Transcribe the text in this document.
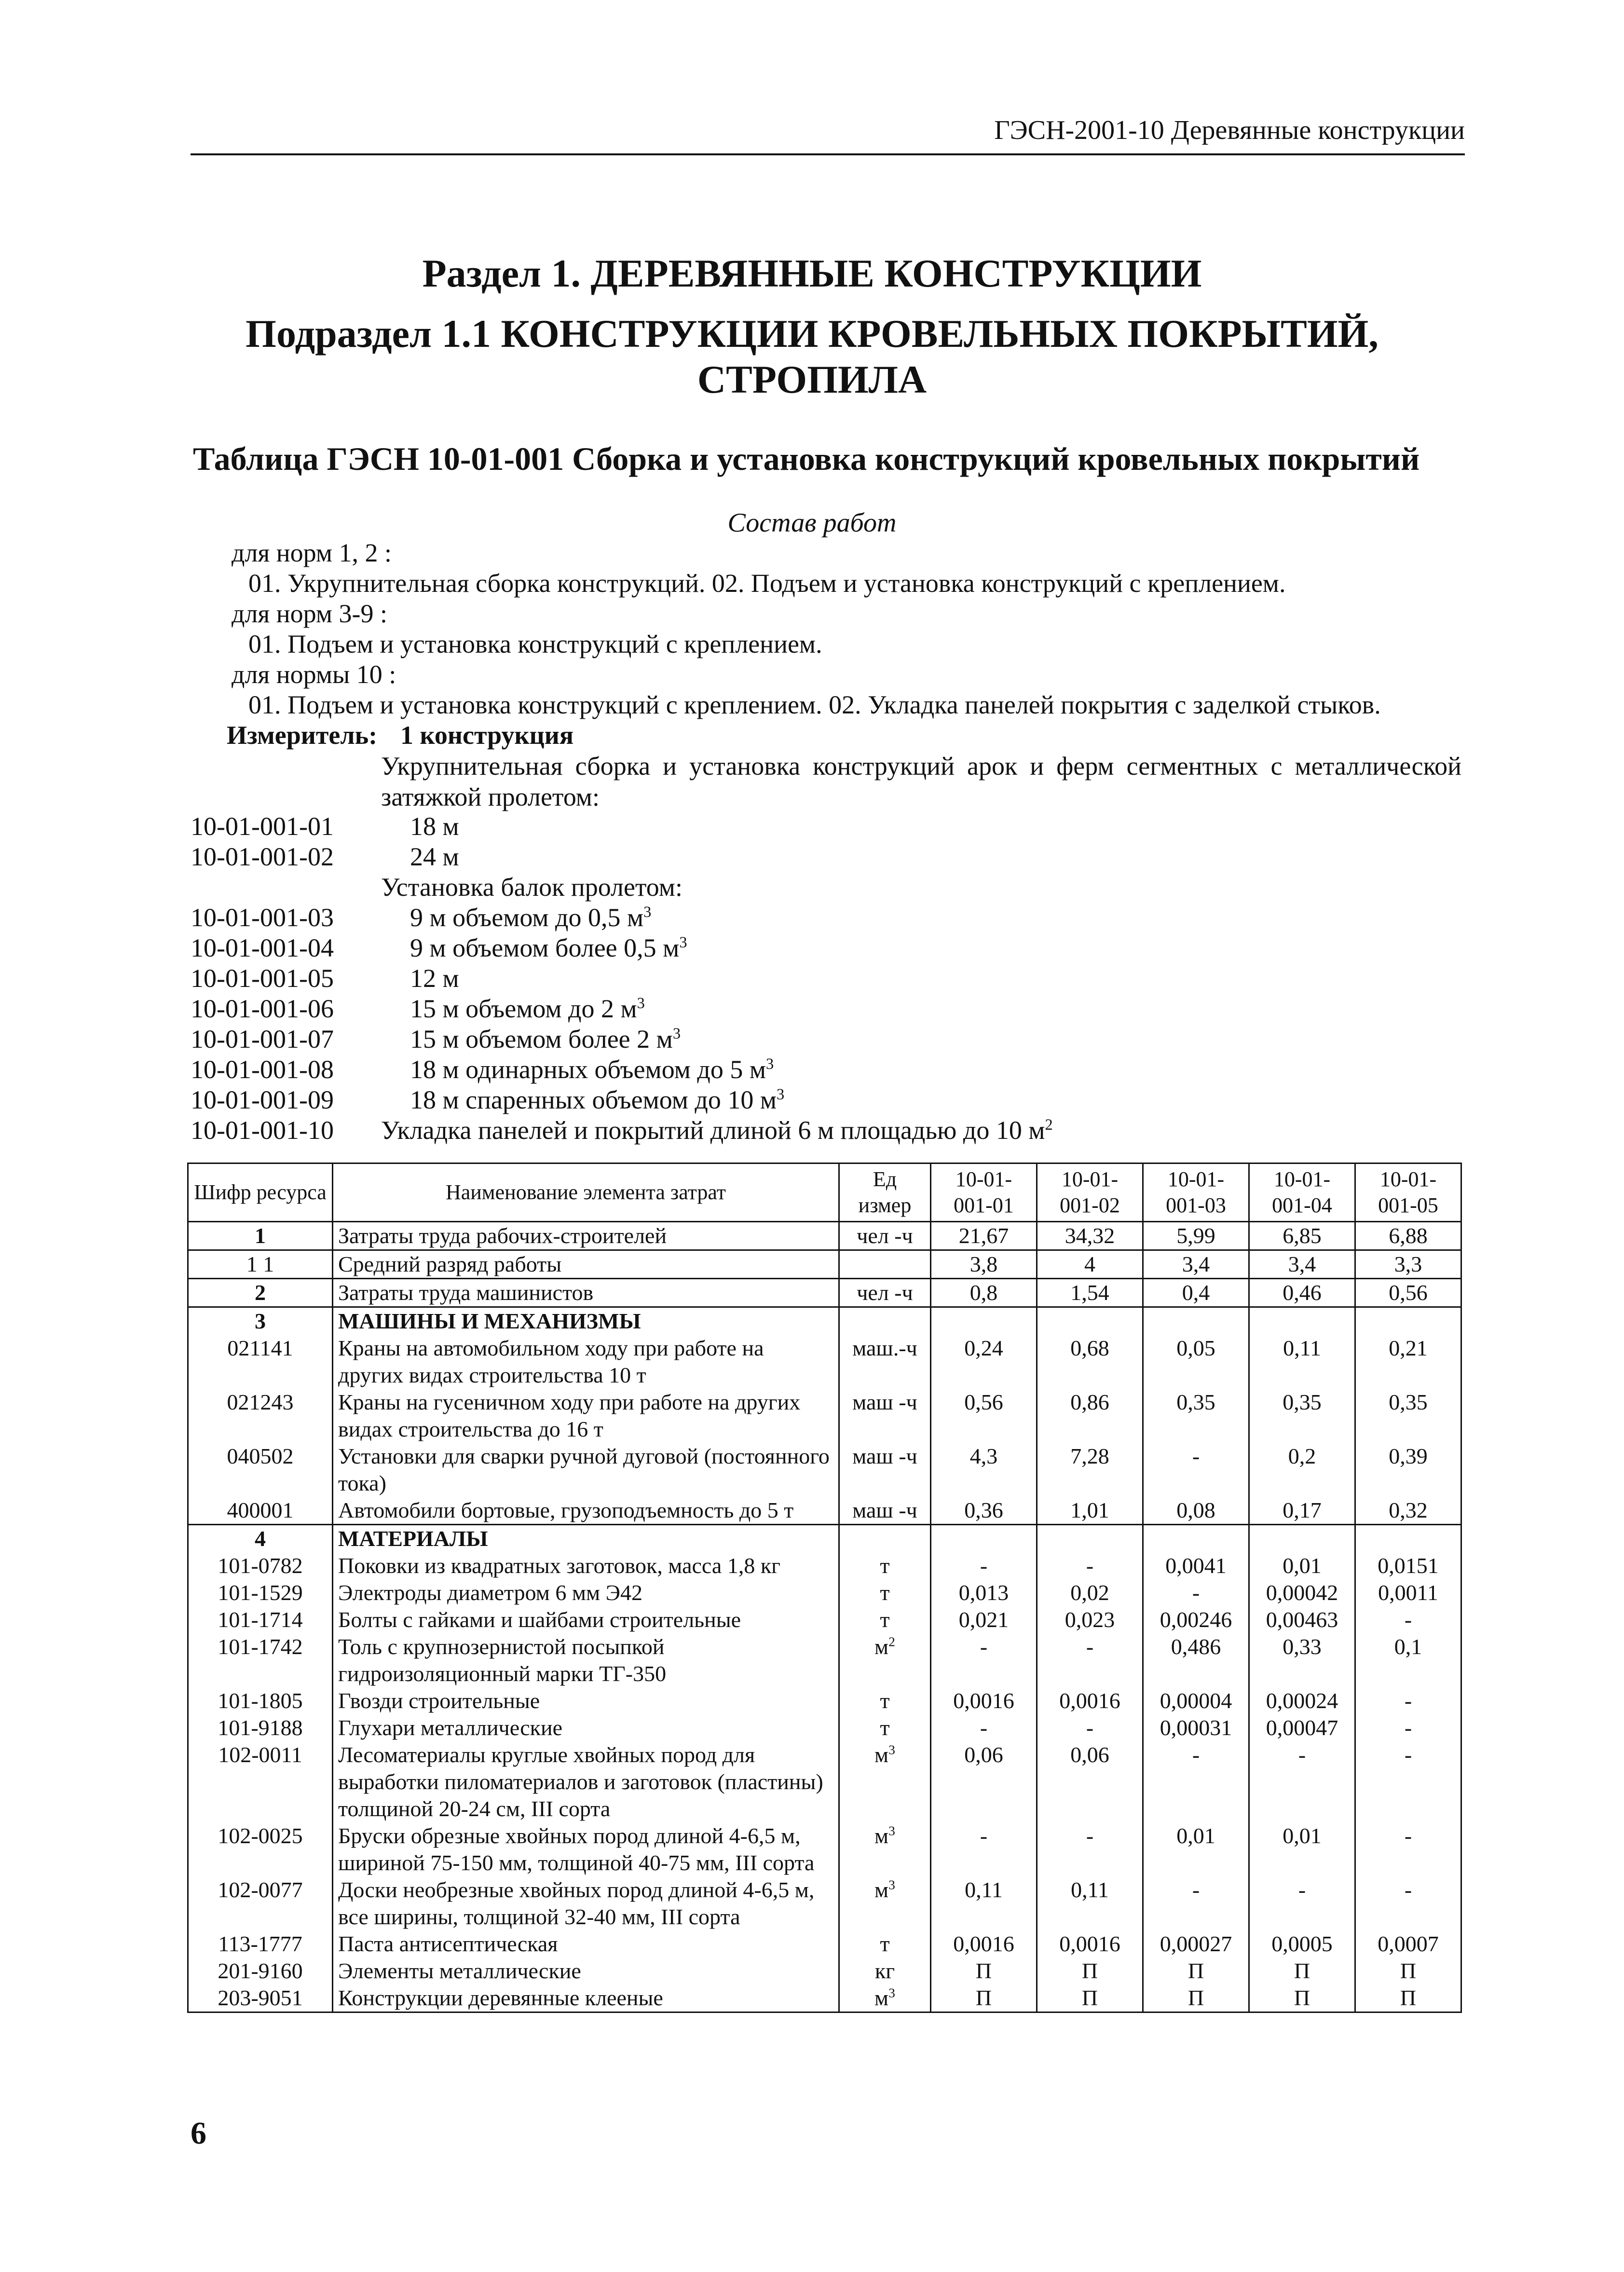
ГЭСН-2001-10 Деревянные конструкции
Раздел 1. ДЕРЕВЯННЫЕ КОНСТРУКЦИИ
Подраздел 1.1 КОНСТРУКЦИИ КРОВЕЛЬНЫХ ПОКРЫТИЙ,
СТРОПИЛА
Таблица ГЭСН 10-01-001 Сборка и установка конструкций кровельных покрытий
Состав работ
для норм 1, 2 :
01. Укрупнительная сборка конструкций. 02. Подъем и установка конструкций с креплением.
для норм 3-9 :
01. Подъем и установка конструкций с креплением.
для нормы 10 :
01. Подъем и установка конструкций с креплением. 02. Укладка панелей покрытия с заделкой стыков.
Измеритель: 1 конструкция
Укрупнительная сборка и установка конструкций арок и ферм сегментных с металлической затяжкой пролетом:
10-01-001-01	18 м
10-01-001-02	24 м
Установка балок пролетом:
10-01-001-03	9 м объемом до 0,5 $м^3$
10-01-001-04	9 м объемом более 0,5 $м^3$
10-01-001-05	12 м
10-01-001-06	15 м объемом до 2 $м^3$
10-01-001-07	15 м объемом более 2 $м^3$
10-01-001-08	18 м одинарных объемом до 5 $м^3$
10-01-001-09	18 м спаренных объемом до 10 $м^3$
10-01-001-10 Укладка панелей и покрытий длиной 6 м площадью до 10 $м^2$
Шифр ресурса	Наименование элемента затрат	Ед измер	10-01-001-01	10-01-001-02	10-01-001-03	10-01-001-04	10-01-001-05
1	Затраты труда рабочих-строителей	чел -ч	21,67	34,32	5,99	6,85	6,88
1 1	Средний разряд работы		3,8	4	3,4	3,4	3,3
2	Затраты труда машинистов	чел -ч	0,8	1,54	0,4	0,46	0,56
3	МАШИНЫ И МЕХАНИЗМЫ						
021141	Краны на автомобильном ходу при работе на других видах строительства 10 т	маш.-ч	0,24	0,68	0,05	0,11	0,21
021243	Краны на гусеничном ходу при работе на других видах строительства до 16 т	маш -ч	0,56	0,86	0,35	0,35	0,35
040502	Установки для сварки ручной дуговой (постоянного тока)	маш -ч	4,3	7,28	-	0,2	0,39
400001	Автомобили бортовые, грузоподъемность до 5 т	маш -ч	0,36	1,01	0,08	0,17	0,32
4	МАТЕРИАЛЫ						
101-0782	Поковки из квадратных заготовок, масса 1,8 кг	т	-	-	0,0041	0,01	0,0151
101-1529	Электроды диаметром 6 мм Э42	т	0,013	0,02	-	0,00042	0,0011
101-1714	Болты с гайками и шайбами строительные	т	0,021	0,023	0,00246	0,00463	-
101-1742	Толь с крупнозернистой посыпкой гидроизоляционный марки ТГ-350	$м^2$	-	-	0,486	0,33	0,1
101-1805	Гвозди строительные	т	0,0016	0,0016	0,00004	0,00024	-
101-9188	Глухари металлические	т	-	-	0,00031	0,00047	-
102-0011	Лесоматериалы круглые хвойных пород для выработки пиломатериалов и заготовок (пластины) толщиной 20-24 см, III сорта	$м^3$	0,06	0,06	-	-	-
102-0025	Бруски обрезные хвойных пород длиной 4-6,5 м, шириной 75-150 мм, толщиной 40-75 мм, III сорта	$м^3$	-	-	0,01	0,01	-
102-0077	Доски необрезные хвойных пород длиной 4-6,5 м, все ширины, толщиной 32-40 мм, III сорта	$м^3$	0,11	0,11	-	-	-
113-1777	Паста антисептическая	т	0,0016	0,0016	0,00027	0,0005	0,0007
201-9160	Элементы металлические	кг	П	П	П	П	П
203-9051	Конструкции деревянные клееные	$м^3$	П	П	П	П	П
6
